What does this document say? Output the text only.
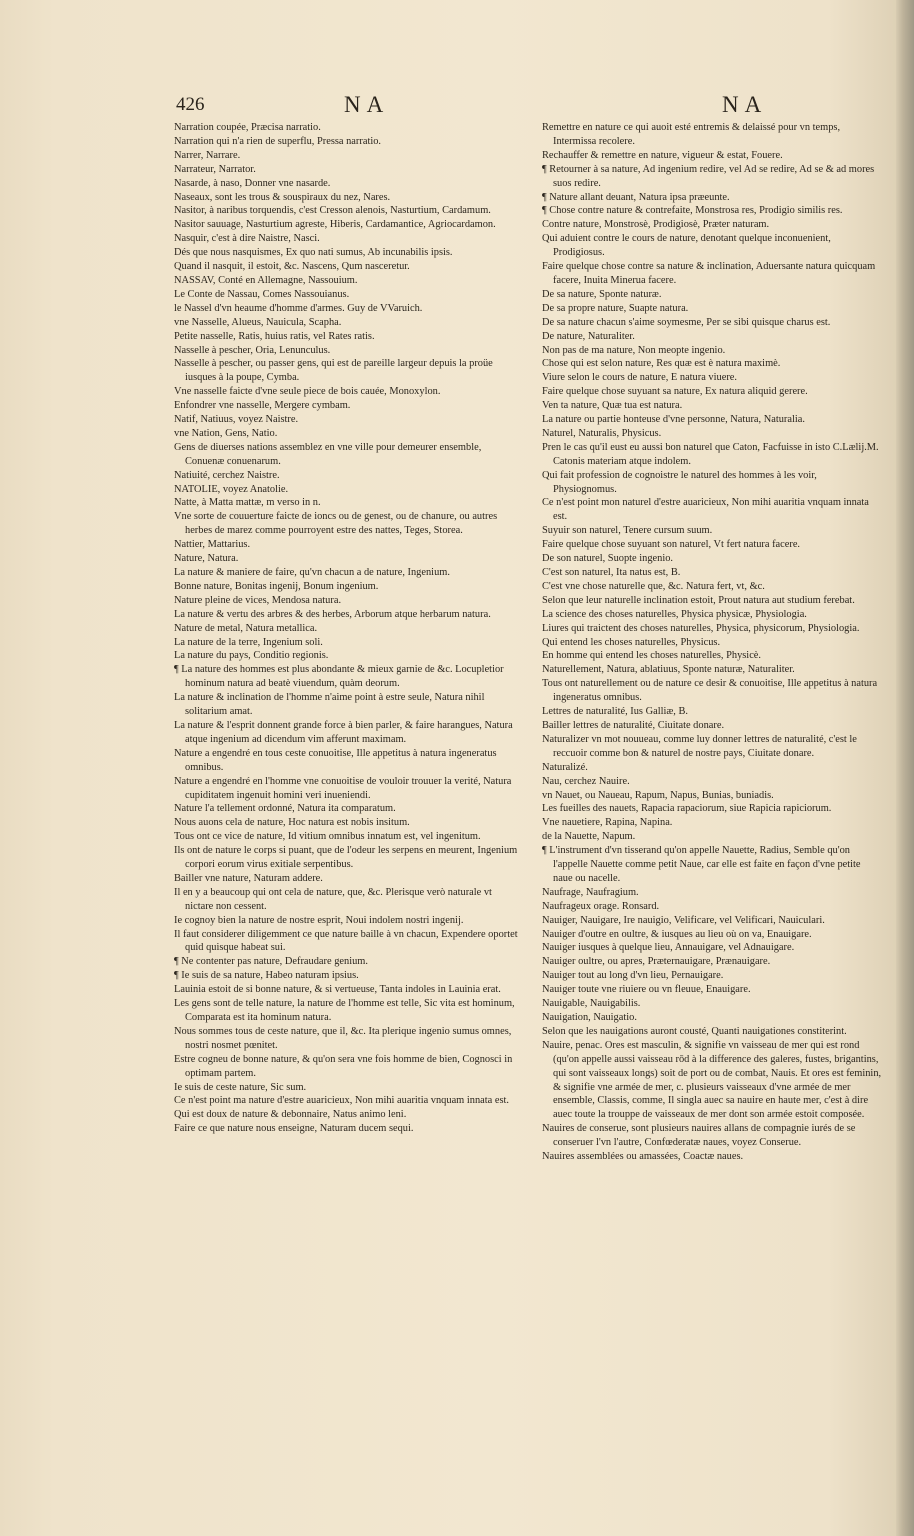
426	NA	NA

Narration coupée, Præcisa narratio.

Narration qui n'a rien de superflu, Pressa narratio.

Narrer, Narrare.

Narrateur, Narrator.

Nasarde, à naso, Donner vne nasarde.

Naseaux, sont les trous & souspiraux du nez, Nares.

Nasitor, à naribus torquendis, c'est Cresson alenois, Nasturtium, Cardamum.

Nasitor sauuage, Nasturtium agreste, Hiberis, Cardamantice, Agriocardamon.

Nasquir, c'est à dire Naistre, Nasci.

Dés que nous nasquismes, Ex quo nati sumus, Ab incunabilis ipsis.

Quand il nasquit, il estoit, &c. Nascens, Qum nasceretur.

NASSAV, Conté en Allemagne, Nassouium.

Le Conte de Nassau, Comes Nassouianus.

le Nassel d'vn heaume d'homme d'armes. Guy de VVaruich.

vne Nasselle, Alueus, Nauicula, Scapha.

Petite nasselle, Ratis, huius ratis, vel Rates ratis.

Nasselle à pescher, Oria, Lenunculus.

Nasselle à pescher, ou passer gens, qui est de pareille largeur depuis la proüe iusques à la poupe, Cymba.

Vne nasselle faicte d'vne seule piece de bois cauée, Monoxylon.

Enfondrer vne nasselle, Mergere cymbam.

Natif, Natiuus, voyez Naistre.

vne Nation, Gens, Natio.

Gens de diuerses nations assemblez en vne ville pour demeurer ensemble, Conuenæ conuenarum.

Natiuité, cerchez Naistre.

NATOLIE, voyez Anatolie.

Natte, à Matta mattæ, m verso in n.

Vne sorte de couuerture faicte de ioncs ou de genest, ou de chanure, ou autres herbes de marez comme pourroyent estre des nattes, Teges, Storea.

Nattier, Mattarius.

Nature, Natura.

La nature & maniere de faire, qu'vn chacun a de nature, Ingenium.

Bonne nature, Bonitas ingenij, Bonum ingenium.

Nature pleine de vices, Mendosa natura.

La nature & vertu des arbres & des herbes, Arborum atque herbarum natura.

Nature de metal, Natura metallica.

La nature de la terre, Ingenium soli.

La nature du pays, Conditio regionis.

¶ La nature des hommes est plus abondante & mieux garnie de &c. Locupletior hominum natura ad beatè viuendum, quàm deorum.

La nature & inclination de l'homme n'aime point à estre seule, Natura nihil solitarium amat.

La nature & l'esprit donnent grande force à bien parler, & faire harangues, Natura atque ingenium ad dicendum vim afferunt maximam.

Nature a engendré en tous ceste conuoitise, Ille appetitus à natura ingeneratus omnibus.

Nature a engendré en l'homme vne conuoitise de vouloir trouuer la verité, Natura cupiditatem ingenuit homini veri inueniendi.

Nature l'a tellement ordonné, Natura ita comparatum.

Nous auons cela de nature, Hoc natura est nobis insitum.

Tous ont ce vice de nature, Id vitium omnibus innatum est, vel ingenitum.

Ils ont de nature le corps si puant, que de l'odeur les serpens en meurent, Ingenium corpori eorum virus exitiale serpentibus.

Bailler vne nature, Naturam addere.

Il en y a beaucoup qui ont cela de nature, que, &c. Plerisque verò naturale vt nictare non cessent.

Ie cognoy bien la nature de nostre esprit, Noui indolem nostri ingenij.

Il faut considerer diligemment ce que nature baille à vn chacun, Expendere oportet quid quisque habeat sui.

¶ Ne contenter pas nature, Defraudare genium.

¶ Ie suis de sa nature, Habeo naturam ipsius.

Lauinia estoit de si bonne nature, & si vertueuse, Tanta indoles in Lauinia erat.

Les gens sont de telle nature, la nature de l'homme est telle, Sic vita est hominum, Comparata est ita hominum natura.

Nous sommes tous de ceste nature, que il, &c. Ita plerique ingenio sumus omnes, nostri nosmet pœnitet.

Estre cogneu de bonne nature, & qu'on sera vne fois homme de bien, Cognosci in optimam partem.

Ie suis de ceste nature, Sic sum.

Ce n'est point ma nature d'estre auaricieux, Non mihi auaritia vnquam innata est.

Qui est doux de nature & debonnaire, Natus animo leni.

Faire ce que nature nous enseigne, Naturam ducem sequi.

Remettre en nature ce qui auoit esté entremis & delaissé pour vn temps, Intermissa recolere.

Rechauffer & remettre en nature, vigueur & estat, Fouere.

¶ Retourner à sa nature, Ad ingenium redire, vel Ad se redire, Ad se & ad mores suos redire.

¶ Nature allant deuant, Natura ipsa præeunte.

¶ Chose contre nature & contrefaite, Monstrosa res, Prodigio similis res.

Contre nature, Monstrosè, Prodigiosè, Præter naturam.

Qui aduient contre le cours de nature, denotant quelque inconuenient, Prodigiosus.

Faire quelque chose contre sa nature & inclination, Aduersante natura quicquam facere, Inuita Minerua facere.

De sa nature, Sponte naturæ.

De sa propre nature, Suapte natura.

De sa nature chacun s'aime soymesme, Per se sibi quisque charus est.

De nature, Naturaliter.

Non pas de ma nature, Non meopte ingenio.

Chose qui est selon nature, Res quæ est è natura maximè.

Viure selon le cours de nature, E natura viuere.

Faire quelque chose suyuant sa nature, Ex natura aliquid gerere.

Ven ta nature, Quæ tua est natura.

La nature ou partie honteuse d'vne personne, Natura, Naturalia.

Naturel, Naturalis, Physicus.

Pren le cas qu'il eust eu aussi bon naturel que Caton, Facfuisse in isto C.Lælij.M. Catonis materiam atque indolem.

Qui fait profession de cognoistre le naturel des hommes à les voir, Physiognomus.

Ce n'est point mon naturel d'estre auaricieux, Non mihi auaritia vnquam innata est.

Suyuir son naturel, Tenere cursum suum.

Faire quelque chose suyuant son naturel, Vt fert natura facere.

De son naturel, Suopte ingenio.

C'est son naturel, Ita natus est, B.

C'est vne chose naturelle que, &c. Natura fert, vt, &c.

Selon que leur naturelle inclination estoit, Prout natura aut studium ferebat.

La science des choses naturelles, Physica physicæ, Physiologia.

Liures qui traictent des choses naturelles, Physica, physicorum, Physiologia.

Qui entend les choses naturelles, Physicus.

En homme qui entend les choses naturelles, Physicè.

Naturellement, Natura, ablatiuus, Sponte naturæ, Naturaliter.

Tous ont naturellement ou de nature ce desir & conuoitise, Ille appetitus à natura ingeneratus omnibus.

Lettres de naturalité, Ius Galliæ, B.

Bailler lettres de naturalité, Ciuitate donare.

Naturalizer vn mot nouueau, comme luy donner lettres de naturalité, c'est le reccuoir comme bon & naturel de nostre pays, Ciuitate donare.

Naturalizé.

Nau, cerchez Nauire.

vn Nauet, ou Naueau, Rapum, Napus, Bunias, buniadis.

Les fueilles des nauets, Rapacia rapaciorum, siue Rapicia rapiciorum.

Vne nauetiere, Rapina, Napina.

de la Nauette, Napum.

¶ L'instrument d'vn tisserand qu'on appelle Nauette, Radius, Semble qu'on l'appelle Nauette comme petit Naue, car elle est faite en façon d'vne petite naue ou nacelle.

Naufrage, Naufragium.

Naufrageux orage. Ronsard.

Nauiger, Nauigare, Ire nauigio, Velificare, vel Velificari, Nauiculari.

Nauiger d'outre en oultre, & iusques au lieu où on va, Enauigare.

Nauiger iusques à quelque lieu, Annauigare, vel Adnauigare.

Nauiger oultre, ou apres, Præternauigare, Prænauigare.

Nauiger tout au long d'vn lieu, Pernauigare.

Nauiger toute vne riuiere ou vn fleuue, Enauigare.

Nauigable, Nauigabilis.

Nauigation, Nauigatio.

Selon que les nauigations auront cousté, Quanti nauigationes constiterint.

Nauire, penac. Ores est masculin, & signifie vn vaisseau de mer qui est rond (qu'on appelle aussi vaisseau rōd à la difference des galeres, fustes, brigantins, qui sont vaisseaux longs) soit de port ou de combat, Nauis. Et ores est feminin, & signifie vne armée de mer, c. plusieurs vaisseaux d'vne armée de mer ensemble, Classis, comme, Il singla auec sa nauire en haute mer, c'est à dire auec toute la trouppe de vaisseaux de mer dont son armée estoit composée.

Nauires de conserue, sont plusieurs nauires allans de compagnie iurés de se conseruer l'vn l'autre, Confœderatæ naues, voyez Conserue.

Nauires assemblées ou amassées, Coactæ naues.
